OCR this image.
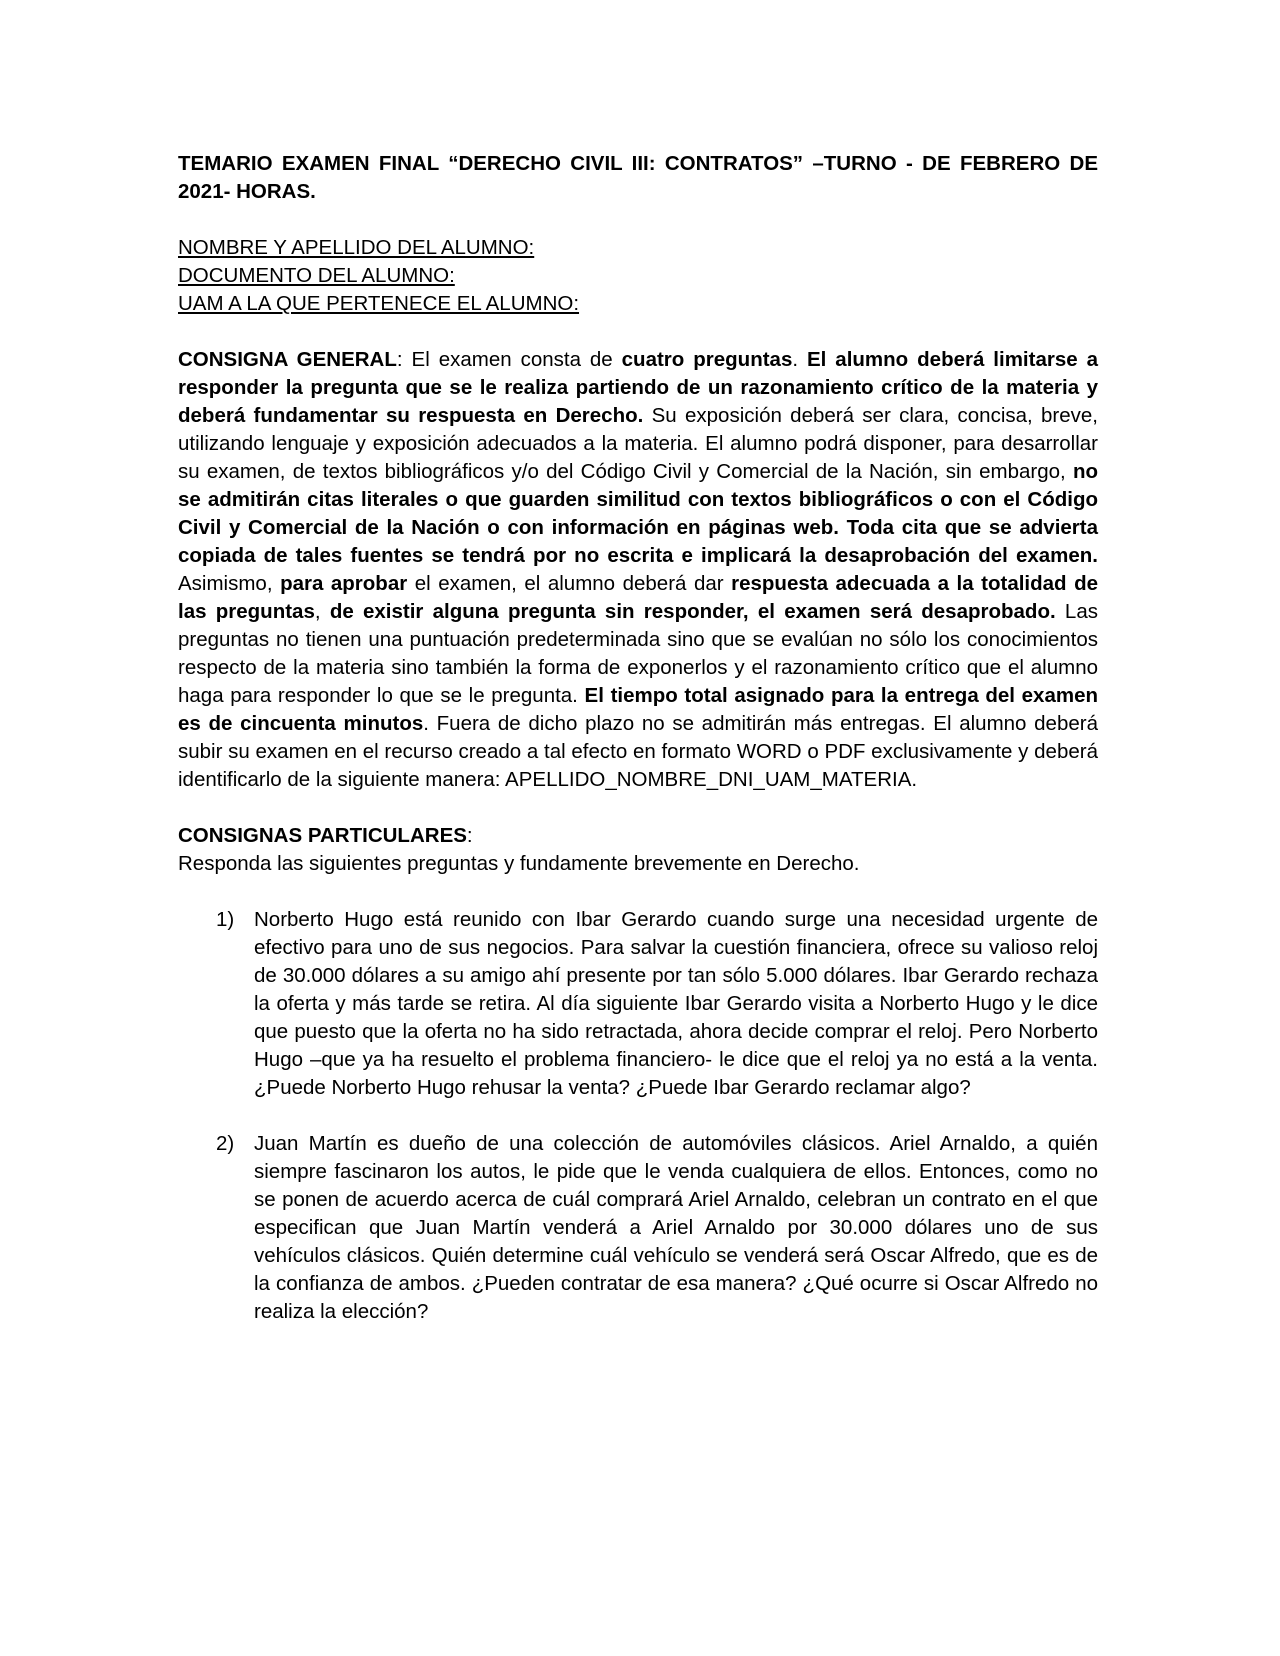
TEMARIO EXAMEN FINAL “DERECHO CIVIL III: CONTRATOS” –TURNO - DE FEBRERO DE 2021- HORAS.

NOMBRE Y APELLIDO DEL ALUMNO:

DOCUMENTO DEL ALUMNO:

UAM A LA QUE PERTENECE EL ALUMNO:

CONSIGNA GENERAL: El examen consta de cuatro preguntas. El alumno deberá limitarse a responder la pregunta que se le realiza partiendo de un razonamiento crítico de la materia y deberá fundamentar su respuesta en Derecho. Su exposición deberá ser clara, concisa, breve, utilizando lenguaje y exposición adecuados a la materia. El alumno podrá disponer, para desarrollar su examen, de textos bibliográficos y/o del Código Civil y Comercial de la Nación, sin embargo, no se admitirán citas literales o que guarden similitud con textos bibliográficos o con el Código Civil y Comercial de la Nación o con información en páginas web. Toda cita que se advierta copiada de tales fuentes se tendrá por no escrita e implicará la desaprobación del examen. Asimismo, para aprobar el examen, el alumno deberá dar respuesta adecuada a la totalidad de las preguntas, de existir alguna pregunta sin responder, el examen será desaprobado. Las preguntas no tienen una puntuación predeterminada sino que se evalúan no sólo los conocimientos respecto de la materia sino también la forma de exponerlos y el razonamiento crítico que el alumno haga para responder lo que se le pregunta. El tiempo total asignado para la entrega del examen es de cincuenta minutos. Fuera de dicho plazo no se admitirán más entregas. El alumno deberá subir su examen en el recurso creado a tal efecto en formato WORD o PDF exclusivamente y deberá identificarlo de la siguiente manera: APELLIDO_NOMBRE_DNI_UAM_MATERIA.

CONSIGNAS PARTICULARES:

Responda las siguientes preguntas y fundamente brevemente en Derecho.

1) Norberto Hugo está reunido con Ibar Gerardo cuando surge una necesidad urgente de efectivo para uno de sus negocios. Para salvar la cuestión financiera, ofrece su valioso reloj de 30.000 dólares a su amigo ahí presente por tan sólo 5.000 dólares. Ibar Gerardo rechaza la oferta y más tarde se retira. Al día siguiente Ibar Gerardo visita a Norberto Hugo y le dice que puesto que la oferta no ha sido retractada, ahora decide comprar el reloj. Pero Norberto Hugo –que ya ha resuelto el problema financiero- le dice que el reloj ya no está a la venta. ¿Puede Norberto Hugo rehusar la venta? ¿Puede Ibar Gerardo reclamar algo?
2) Juan Martín es dueño de una colección de automóviles clásicos. Ariel Arnaldo, a quién siempre fascinaron los autos, le pide que le venda cualquiera de ellos. Entonces, como no se ponen de acuerdo acerca de cuál comprará Ariel Arnaldo, celebran un contrato en el que especifican que Juan Martín venderá a Ariel Arnaldo por 30.000 dólares uno de sus vehículos clásicos. Quién determine cuál vehículo se venderá será Oscar Alfredo, que es de la confianza de ambos. ¿Pueden contratar de esa manera? ¿Qué ocurre si Oscar Alfredo no realiza la elección?
